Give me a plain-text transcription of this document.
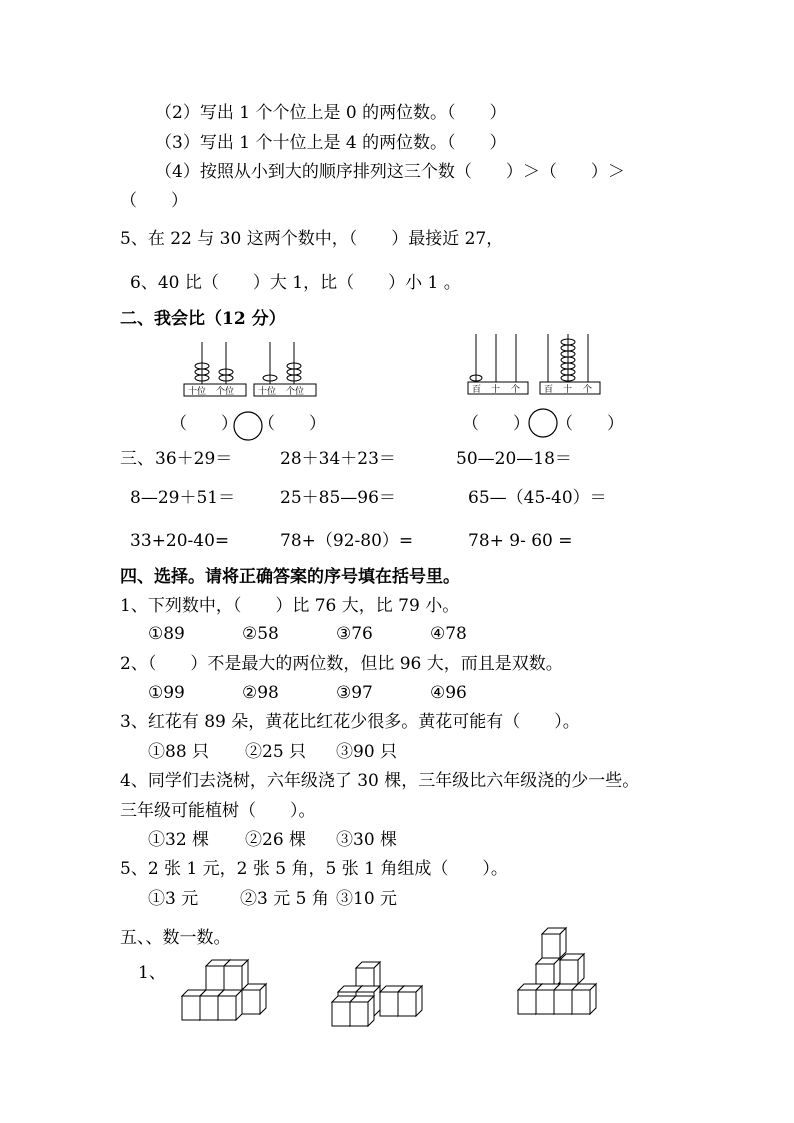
（2）写出 1 个个位上是 0 的两位数。（　　）
（3）写出 1 个十位上是 4 的两位数。（　　）
（4）按照从小到大的顺序排列这三个数（　　）＞（　　）＞
（　　）
5、在 22 与 30 这两个数中，（　　）最接近 27，
6、40 比（　　）大 1，比（　　）小 1 。
二、我会比（12 分）
十位 个位	十位 个位	百 十 个	百 十 个
（　　） （　　）	（　　） （　　）
三、 36＋29＝	28＋34＋23＝	50—20—18＝
8—29＋51＝	25＋85—96＝	65—（45-40）＝
33+20-40=	78+（92-80）=	78+ 9- 60 =
四、选择。请将正确答案的序号填在括号里。
1、下列数中，（　　）比 76 大，比 79 小。
①89	②58	③76	④78
2、（　　）不是最大的两位数，但比 96 大，而且是双数。
①99	②98	③97	④96
3、红花有 89 朵，黄花比红花少很多。黄花可能有（　　）。
①88 只 ②25 只 ③90 只
4、同学们去浇树，六年级浇了 30 棵，三年级比六年级浇的少一些。
三年级可能植树（　　）。
①32 棵 ②26 棵 ③30 棵
5、2 张 1 元，2 张 5 角，5 张 1 角组成（　　）。
①3 元 ②3 元 5 角 ③10 元
五、、数一数。
1、
